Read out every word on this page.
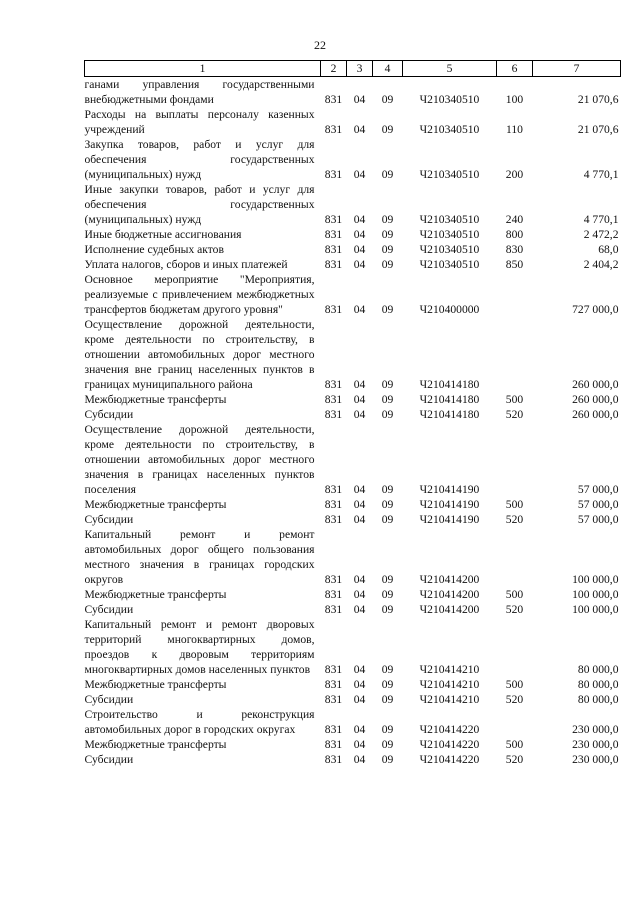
22
1	2	3	4	5	6	7
ганами управления государственными внебюджетными фондами	831	04	09	Ч210340510	100	21 070,6
Расходы на выплаты персоналу казенных учреждений	831	04	09	Ч210340510	110	21 070,6
Закупка товаров, работ и услуг для обеспечения государственных (муниципальных) нужд	831	04	09	Ч210340510	200	4 770,1
Иные закупки товаров, работ и услуг для обеспечения государственных (муниципальных) нужд	831	04	09	Ч210340510	240	4 770,1
Иные бюджетные ассигнования	831	04	09	Ч210340510	800	2 472,2
Исполнение судебных актов	831	04	09	Ч210340510	830	68,0
Уплата налогов, сборов и иных платежей	831	04	09	Ч210340510	850	2 404,2
Основное мероприятие "Мероприятия, реализуемые с привлечением межбюджетных трансфертов бюджетам другого уровня"	831	04	09	Ч210400000		727 000,0
Осуществление дорожной деятельности, кроме деятельности по строительству, в отношении автомобильных дорог местного значения вне границ населенных пунктов в границах муниципального района	831	04	09	Ч210414180		260 000,0
Межбюджетные трансферты	831	04	09	Ч210414180	500	260 000,0
Субсидии	831	04	09	Ч210414180	520	260 000,0
Осуществление дорожной деятельности, кроме деятельности по строительству, в отношении автомобильных дорог местного значения в границах населенных пунктов поселения	831	04	09	Ч210414190		57 000,0
Межбюджетные трансферты	831	04	09	Ч210414190	500	57 000,0
Субсидии	831	04	09	Ч210414190	520	57 000,0
Капитальный ремонт и ремонт автомобильных дорог общего пользования местного значения в границах городских округов	831	04	09	Ч210414200		100 000,0
Межбюджетные трансферты	831	04	09	Ч210414200	500	100 000,0
Субсидии	831	04	09	Ч210414200	520	100 000,0
Капитальный ремонт и ремонт дворовых территорий многоквартирных домов, проездов к дворовым территориям многоквартирных домов населенных пунктов	831	04	09	Ч210414210		80 000,0
Межбюджетные трансферты	831	04	09	Ч210414210	500	80 000,0
Субсидии	831	04	09	Ч210414210	520	80 000,0
Строительство и реконструкция автомобильных дорог в городских округах	831	04	09	Ч210414220		230 000,0
Межбюджетные трансферты	831	04	09	Ч210414220	500	230 000,0
Субсидии	831	04	09	Ч210414220	520	230 000,0
